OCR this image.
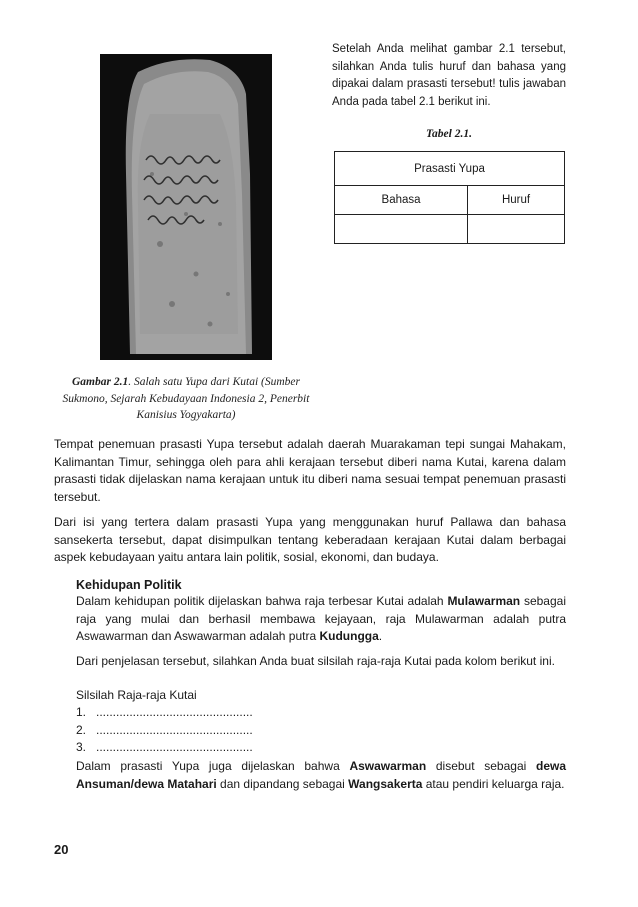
Gambar 2.1. Salah satu Yupa dari Kutai (Sumber Sukmono, Sejarah Kebudayaan Indonesia 2, Penerbit Kanisius Yogyakarta)
Setelah Anda melihat gambar 2.1 tersebut, silahkan Anda tulis huruf dan bahasa yang dipakai dalam prasasti tersebut! tulis jawaban Anda pada tabel 2.1 berikut ini.
Tabel 2.1.
Prasasti Yupa	
Bahasa	Huruf

Tempat penemuan prasasti Yupa tersebut adalah daerah Muarakaman tepi sungai Mahakam, Kalimantan Timur, sehingga oleh para ahli kerajaan tersebut diberi nama Kutai, karena dalam prasasti tidak dijelaskan nama kerajaan untuk itu diberi nama sesuai tempat penemuan prasasti tersebut.
Dari isi yang tertera dalam prasasti Yupa yang menggunakan huruf Pallawa dan bahasa sansekerta tersebut, dapat disimpulkan tentang keberadaan kerajaan Kutai dalam berbagai aspek kebudayaan yaitu antara lain politik, sosial, ekonomi, dan budaya.
Kehidupan Politik
Dalam kehidupan politik dijelaskan bahwa raja terbesar Kutai adalah Mulawarman sebagai raja yang mulai dan berhasil membawa kejayaan, raja Mulawarman adalah putra Aswawarman dan Aswawarman adalah putra Kudungga.
Dari penjelasan tersebut, silahkan Anda buat silsilah raja-raja Kutai pada kolom berikut ini.
Silsilah Raja-raja Kutai
1. ...............................................
2. ...............................................
3. ...............................................
Dalam prasasti Yupa juga dijelaskan bahwa Aswawarman disebut sebagai dewa Ansuman/dewa Matahari dan dipandang sebagai Wangsakerta atau pendiri keluarga raja.
20
